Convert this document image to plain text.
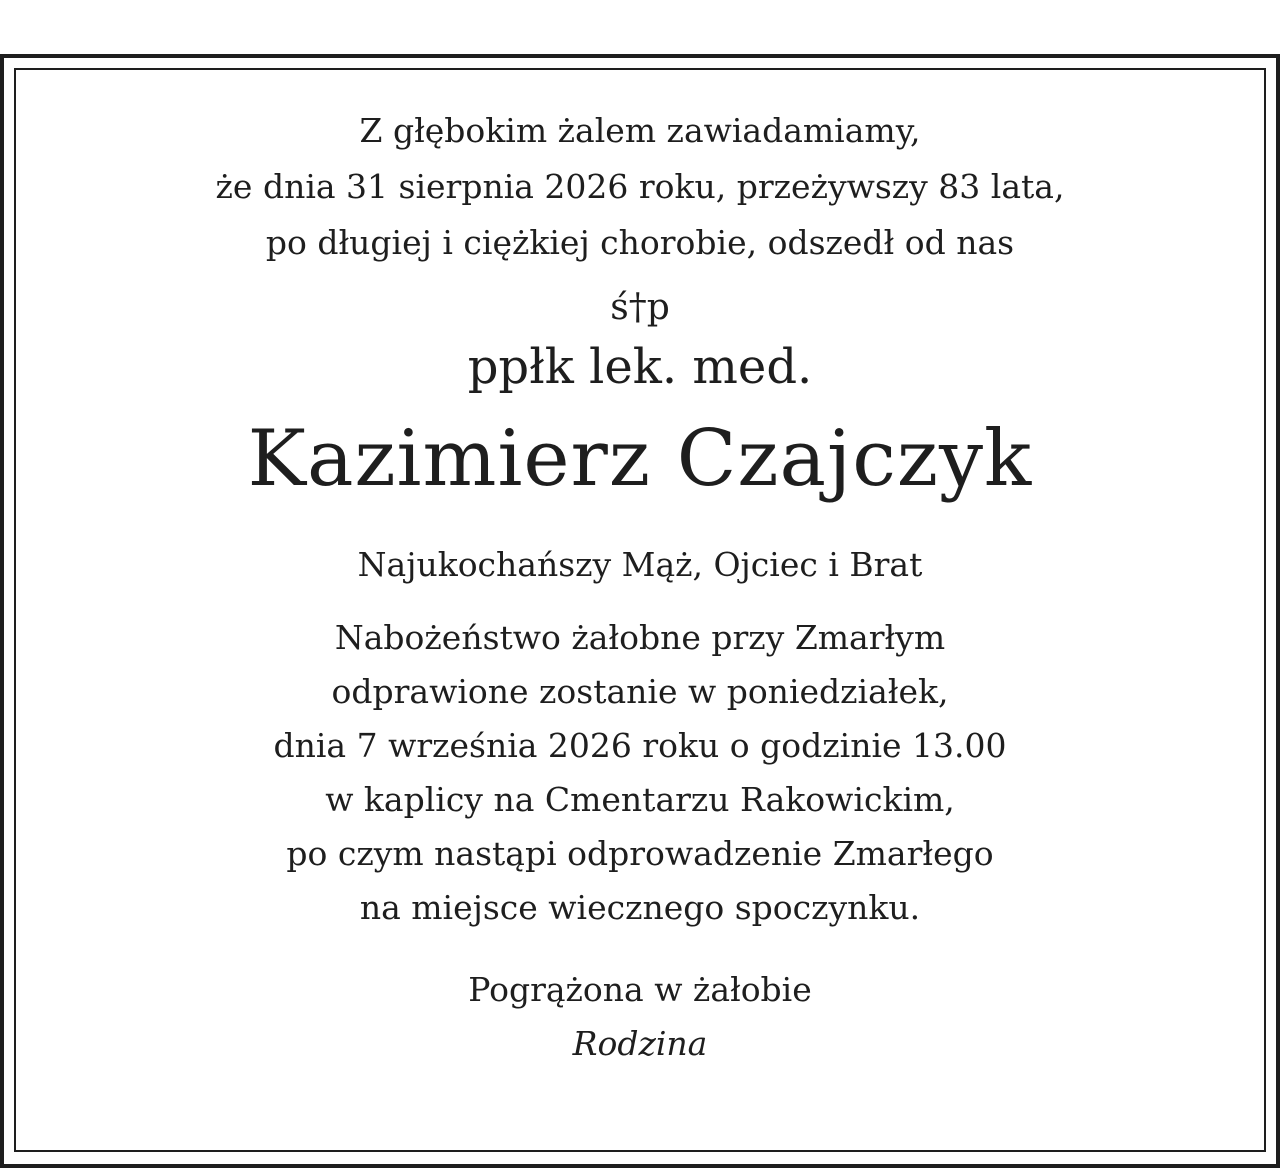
Z głębokim żalem zawiadamiamy,
że dnia 31 sierpnia 2026 roku, przeżywszy 83 lata,
po długiej i ciężkiej chorobie, odszedł od nas
ś†p
ppłk lek. med.
Kazimierz Czajczyk
Najukochańszy Mąż, Ojciec i Brat
Nabożeństwo żałobne przy Zmarłym
odprawione zostanie w poniedziałek,
dnia 7 września 2026 roku o godzinie 13.00
w kaplicy na Cmentarzu Rakowickim,
po czym nastąpi odprowadzenie Zmarłego
na miejsce wiecznego spoczynku.
Pogrążona w żałobie
Rodzina
